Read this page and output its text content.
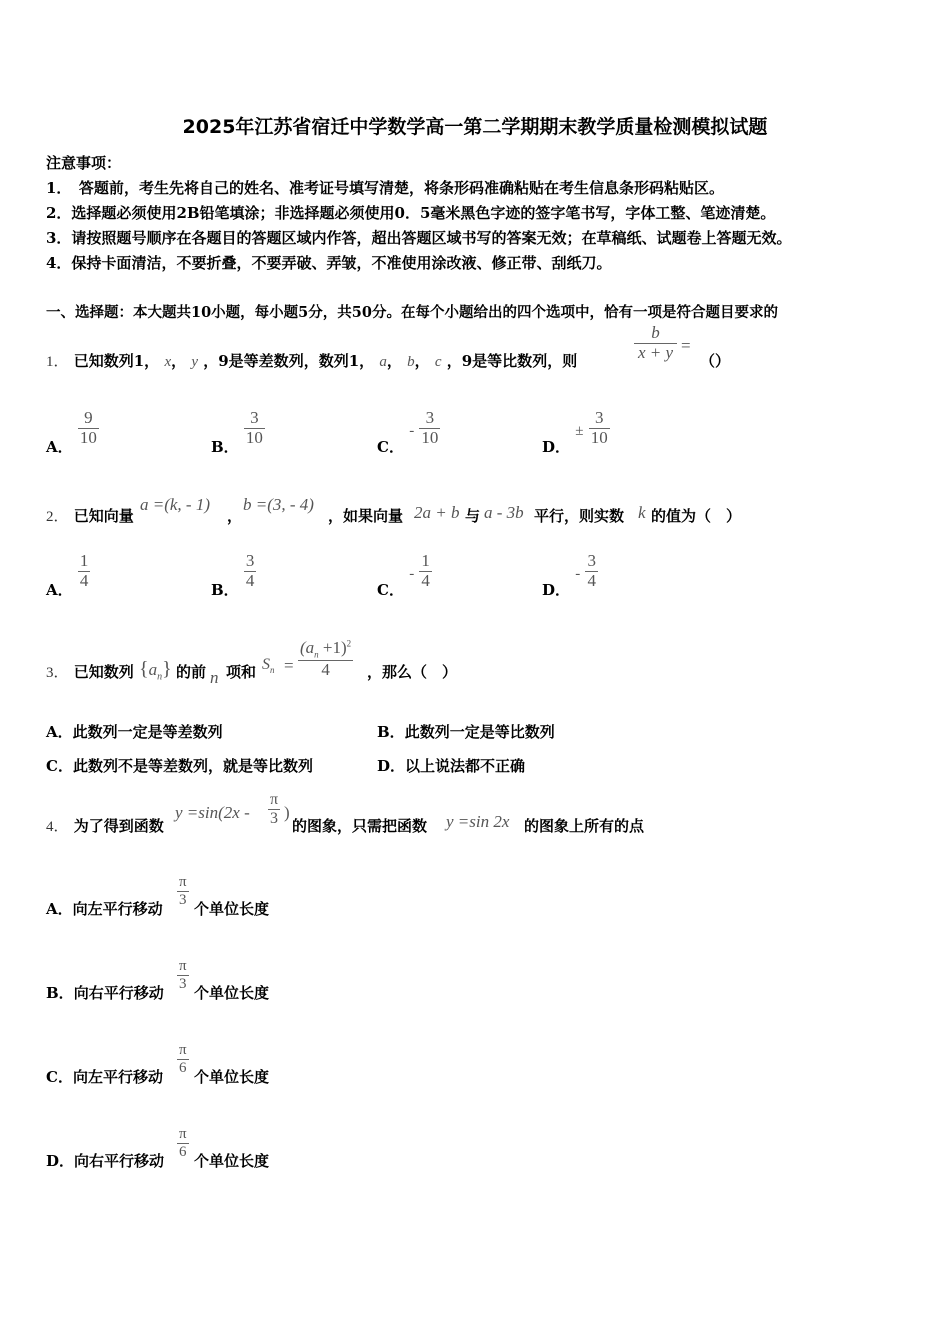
2025年江苏省宿迁中学数学高一第二学期期末教学质量检测模拟试题
注意事项：
1．　答题前，考生先将自己的姓名、准考证号填写清楚，将条形码准确粘贴在考生信息条形码粘贴区。
2．选择题必须使用2B铅笔填涂；非选择题必须使用0．5毫米黑色字迹的签字笔书写，字体工整、笔迹清楚。
3．请按照题号顺序在各题目的答题区域内作答，超出答题区域书写的答案无效；在草稿纸、试题卷上答题无效。
4．保持卡面清洁，不要折叠，不要弄破、弄皱，不准使用涂改液、修正带、刮纸刀。
一、选择题：本大题共10小题，每小题5分，共50分。在每个小题给出的四个选项中，恰有一项是符合题目要求的
1． 已知数列1， x， y ，9是等差数列，数列1， a， b， c ，9是等比数列，则	$\frac{b}{x + y}$ =
（）
A． $\frac{9}{10}$	B． $\frac{3}{10}$	C． - $\frac{3}{10}$	D． ± $\frac{3}{10}$
2． 已知向量
a =(k, - 1)
，
b =(3, - 4)
，如果向量 2a + b 与 a - 3b 平行，则实数 k 的值为（　）
A． $\frac{1}{4}$	B． $\frac{3}{4}$	C． - $\frac{1}{4}$	D． - $\frac{3}{4}$
3． 已知数列 $\{a_n\}$ 的前 n 项和 $S_n = \frac{(a_n +1)^2}{4}$ ，那么（　）
A．此数列一定是等差数列	B．此数列一定是等比数列
C．此数列不是等差数列，就是等比数列	D．以上说法都不正确
4． 为了得到函数
$y =\sin(2x - \frac{\pi}{3}$ )
的图象，只需把函数 y =sin 2x 的图象上所有的点
A．向左平行移动
$\frac{\pi}{3}$
个单位长度
B．向右平行移动
$\frac{\pi}{3}$
个单位长度
C．向左平行移动
$\frac{\pi}{6}$
个单位长度
D．向右平行移动
$\frac{\pi}{6}$
个单位长度
